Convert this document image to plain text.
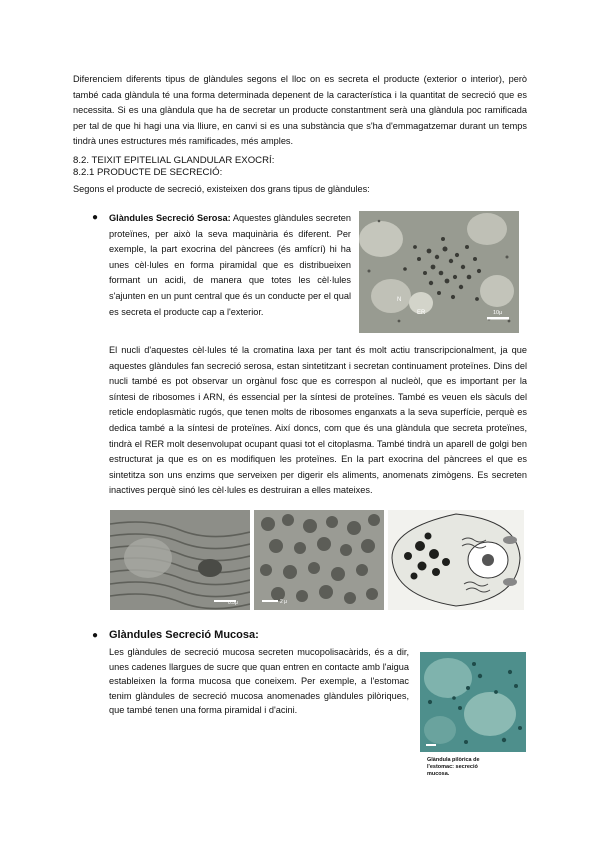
Diferenciem diferents tipus de glàndules segons el lloc on es secreta el producte (exterior o interior), però també cada glàndula té una forma determinada depenent de la característica i la quantitat de secreció que es necessita. Si es una glàndula que ha de secretar un producte constantment serà una glàndula poc ramificada per tal de que hi hagi una via lliure, en canvi si es una substància que s'ha d'emmagatzemar durant un temps tindrà unes estructures més ramificades, més amples.
8.2. TEIXIT EPITELIAL GLANDULAR EXOCRÍ:
8.2.1 PRODUCTE DE SECRECIÓ:
Segons el producte de secreció, existeixen dos grans tipus de glàndules:
● Glàndules Secreció Serosa: Aquestes glàndules secreten proteïnes, per això la seva maquinària és diferent. Per exemple, la part exocrina del pàncrees (és amfícrí) hi ha unes cèl·lules en forma piramidal que es distribueixen formant un acidi, de manera que totes les cèl·lules s'ajunten en un punt central que és un conducte per el qual es secreta el producte cap a l'exterior.
N
ER	10μ
El nucli d'aquestes cèl·lules té la cromatina laxa per tant és molt actiu transcripcionalment, ja que aquestes glàndules fan secreció serosa, estan sintetitzant i secretan continuament proteïnes. Dins del nucli també es pot observar un orgànul fosc que es correspon al nucleòl, que es important per la síntesi de ribosomes i ARN, és essencial per la síntesi de proteïnes. També es veuen els sàculs del reticle endoplasmàtic rugós, que tenen molts de ribosomes enganxats a la seva superfície, perquè es dedica també a la síntesi de proteïnes. Així doncs, com que és una glàndula que secreta proteïnes, tindrà el RER molt desenvolupat ocupant quasi tot el citoplasma. També tindrà un aparell de golgi ben estructurat ja que es on es modifiquen les proteïnes. En la part exocrina del pàncrees el que es sintetitza son uns enzims que serveixen per digerir els aliments, anomenats zimògens. Es secreten inactives perquè sinó les cèl·lules es destruiran a elles mateixes.
0.5μ	2 μ
● Glàndules Secreció Mucosa:
Les glàndules de secreció mucosa secreten mucopolisacàrids, és a dir, unes cadenes llargues de sucre que quan entren en contacte amb l'aigua estableixen la forma mucosa que coneixem. Per exemple, a l'estomac tenim glàndules de secreció mucosa anomenades glàndules pilòriques, que també tenen una forma piramidal i d'acini.
Glàndula pilòrica de l'estomac: secreció mucosa.
